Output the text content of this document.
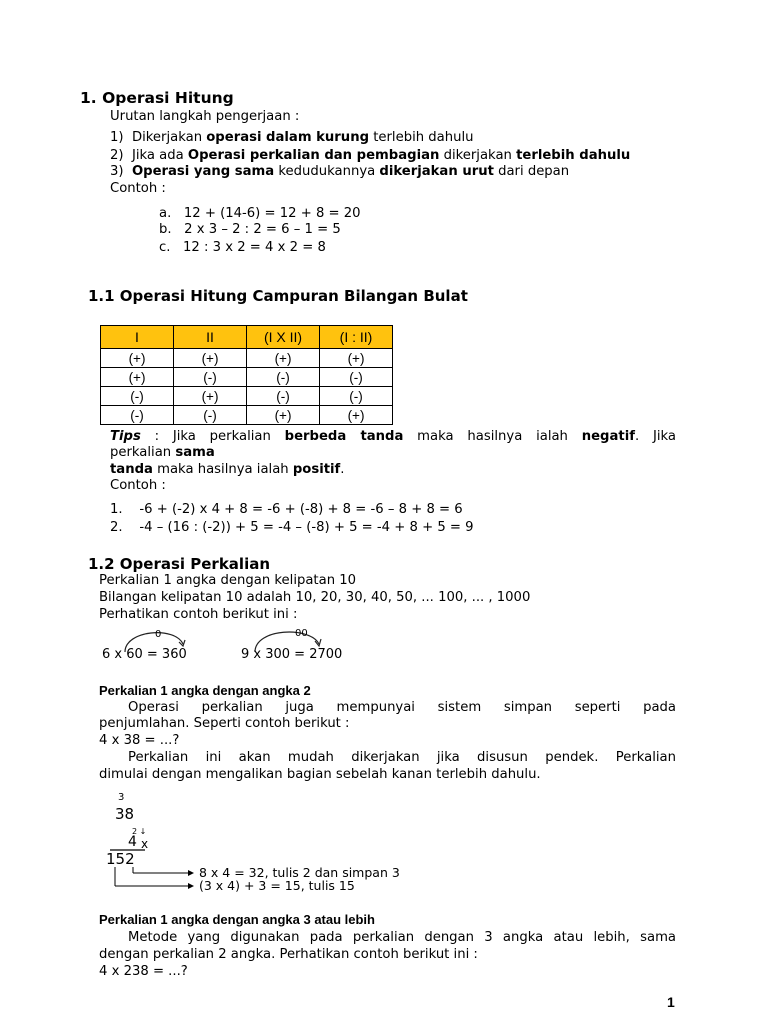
1. Operasi Hitung
Urutan langkah pengerjaan :
1) Dikerjakan operasi dalam kurung terlebih dahulu
2) Jika ada Operasi perkalian dan pembagian dikerjakan terlebih dahulu
3) Operasi yang sama kedudukannya dikerjakan urut dari depan
Contoh :
a. 12 + (14-6) = 12 + 8 = 20
b. 2 x 3 – 2 : 2 = 6 – 1 = 5
c. 12 : 3 x 2 = 4 x 2 = 8
1.1 Operasi Hitung Campuran Bilangan Bulat
I	II	(I X II)	(I : II)
(+)	(+)	(+)	(+)
(+)	(-)	(-)	(-)
(-)	(+)	(-)	(-)
(-)	(-)	(+)	(+)
Tips : Jika perkalian berbeda tanda maka hasilnya ialah negatif. Jika
perkalian sama
tanda maka hasilnya ialah positif.
Contoh :
1. -6 + (-2) x 4 + 8 = -6 + (-8) + 8 = -6 – 8 + 8 = 6
2. -4 – (16 : (-2)) + 5 = -4 – (-8) + 5 = -4 + 8 + 5 = 9
1.2 Operasi Perkalian
Perkalian 1 angka dengan kelipatan 10
Bilangan kelipatan 10 adalah 10, 20, 30, 40, 50, ... 100, ... , 1000
Perhatikan contoh berikut ini :
0	00
6 x 60 = 360	9 x 300 = 2700
Perkalian 1 angka dengan angka 2
Operasi perkalian juga mempunyai sistem simpan seperti pada
penjumlahan. Seperti contoh berikut :
4 x 38 = ...?
Perkalian ini akan mudah dikerjakan jika disusun pendek. Perkalian
dimulai dengan mengalikan bagian sebelah kanan terlebih dahulu.
3
38
2 ↓
4 x
152
8 x 4 = 32, tulis 2 dan simpan 3
(3 x 4) + 3 = 15, tulis 15
Perkalian 1 angka dengan angka 3 atau lebih
Metode yang digunakan pada perkalian dengan 3 angka atau lebih, sama
dengan perkalian 2 angka. Perhatikan contoh berikut ini :
4 x 238 = ...?
1
